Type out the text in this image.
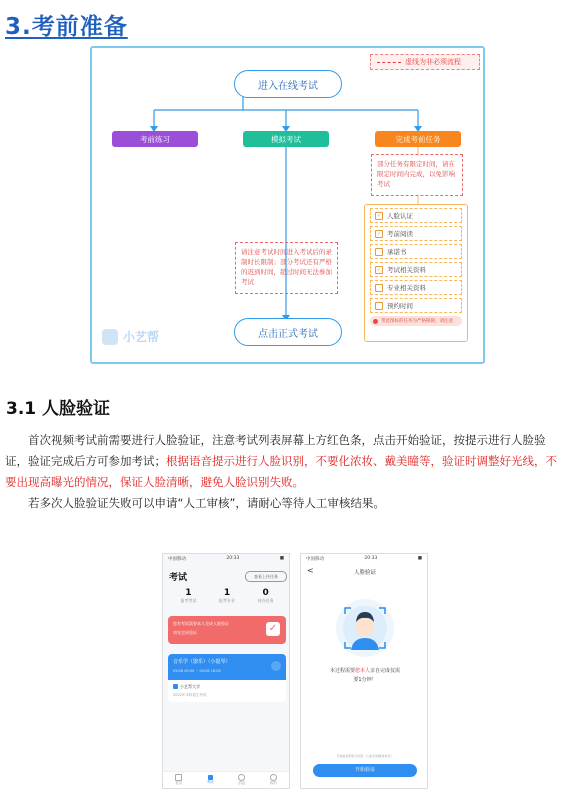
3.考前准备
虚线为非必须流程
进入在线考试
考前练习	模拟考试	完成考前任务
部分任务有限定时间，请在限定时间内完成，以免影响考试
✓ 人脸认证
✓ 考前阅读
承诺书
✓ 考试相关资料
专业相关资料
预约时间
带此图标的任务为严格限制，请注意
请注意考试时间进入考试后的录制时长限制；部分考试还有严格的迟到时间，超过时间无法参加考试
点击正式考试
小艺帮
3.1 人脸验证
首次视频考试前需要进行人脸验证，注意考试列表屏幕上方红色条，点击开始验证，按提示进行人脸验证，验证完成后方可参加考试；根据语音提示进行人脸识别，不要化浓妆、戴美瞳等，验证时调整好光线，不要出现高曝光的情况，保证人脸清晰，避免人脸识别失败。
若多次人脸验证失败可以申请“人工审核”，请耐心等待人工审核结果。
中国移动	20:33	■
考试	查看上传任务
1
报考考试
1
报考专业
0
待办任务
您有考试需要本人完成人脸验证
请先完成验证	✓
音乐学（器乐）（小提琴）
05/26 09:00 ~ 05/26 18:00
小艺帮大学
2022年本科招生考试
首页	考试	消息	我的
中国移动	20:33	■
<	人脸验证
本过程需要您本人亲自完成仅需
要1分钟！
开始验证即表示同意《人脸识别服务协议》
开始验证
